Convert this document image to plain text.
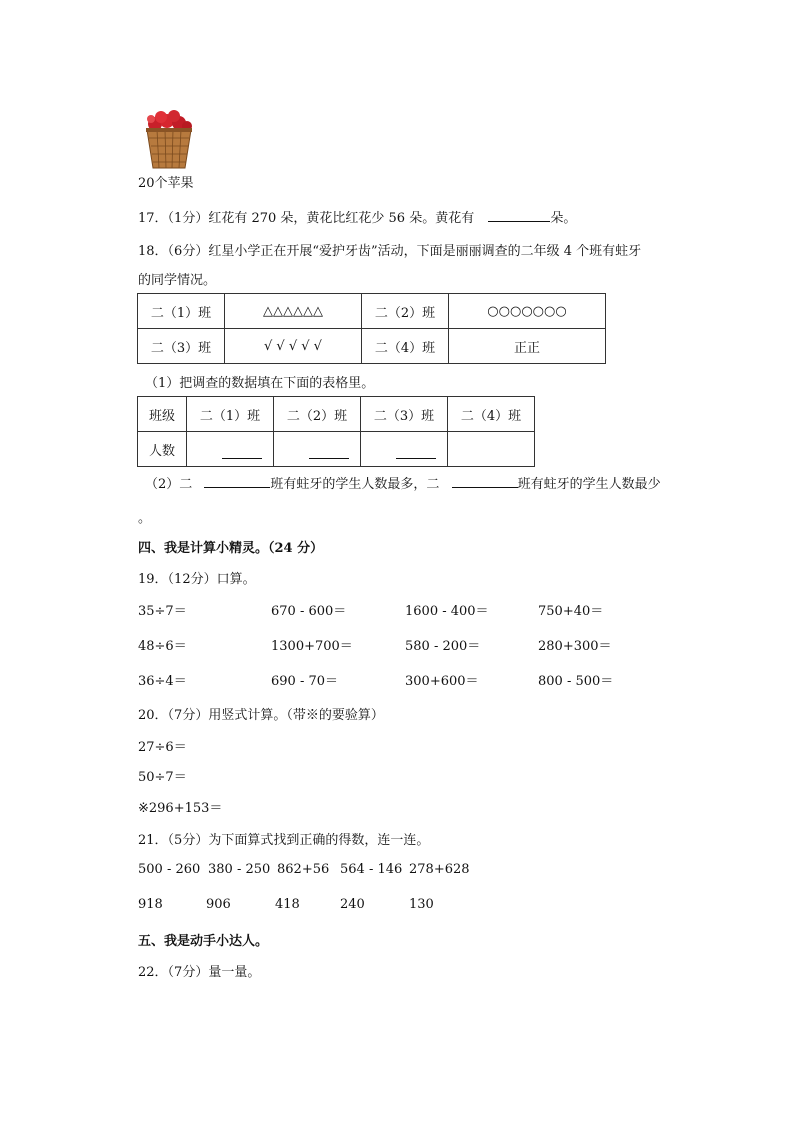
20个苹果
17．（1分）红花有 270 朵，黄花比红花少 56 朵。黄花有	朵。
18．（6分）红星小学正在开展“爱护牙齿”活动，下面是丽丽调查的二年级 4 个班有蛀牙
的同学情况。
二（1）班	△△△△△△	二（2）班	○○○○○○○
二（3）班	√ √ √ √ √	二（4）班	正正
（1）把调查的数据填在下面的表格里。
班级	二（1）班	二（2）班	二（3）班	二（4）班
人数				
（2）二	班有蛀牙的学生人数最多，二	班有蛀牙的学生人数最少
。
四、我是计算小精灵。（24 分）
19．（12分）口算。
35÷7＝	670 - 600＝	1600 - 400＝	750+40＝
48÷6＝	1300+700＝	580 - 200＝	280+300＝
36÷4＝	690 - 70＝	300+600＝	800 - 500＝
20．（7分）用竖式计算。（带※的要验算）
27÷6＝
50÷7＝
※296+153＝
21．（5分）为下面算式找到正确的得数，连一连。
500 - 260 380 - 250 862+56 564 - 146 278+628
918	906	418	240	130
五、我是动手小达人。
22．（7分）量一量。
